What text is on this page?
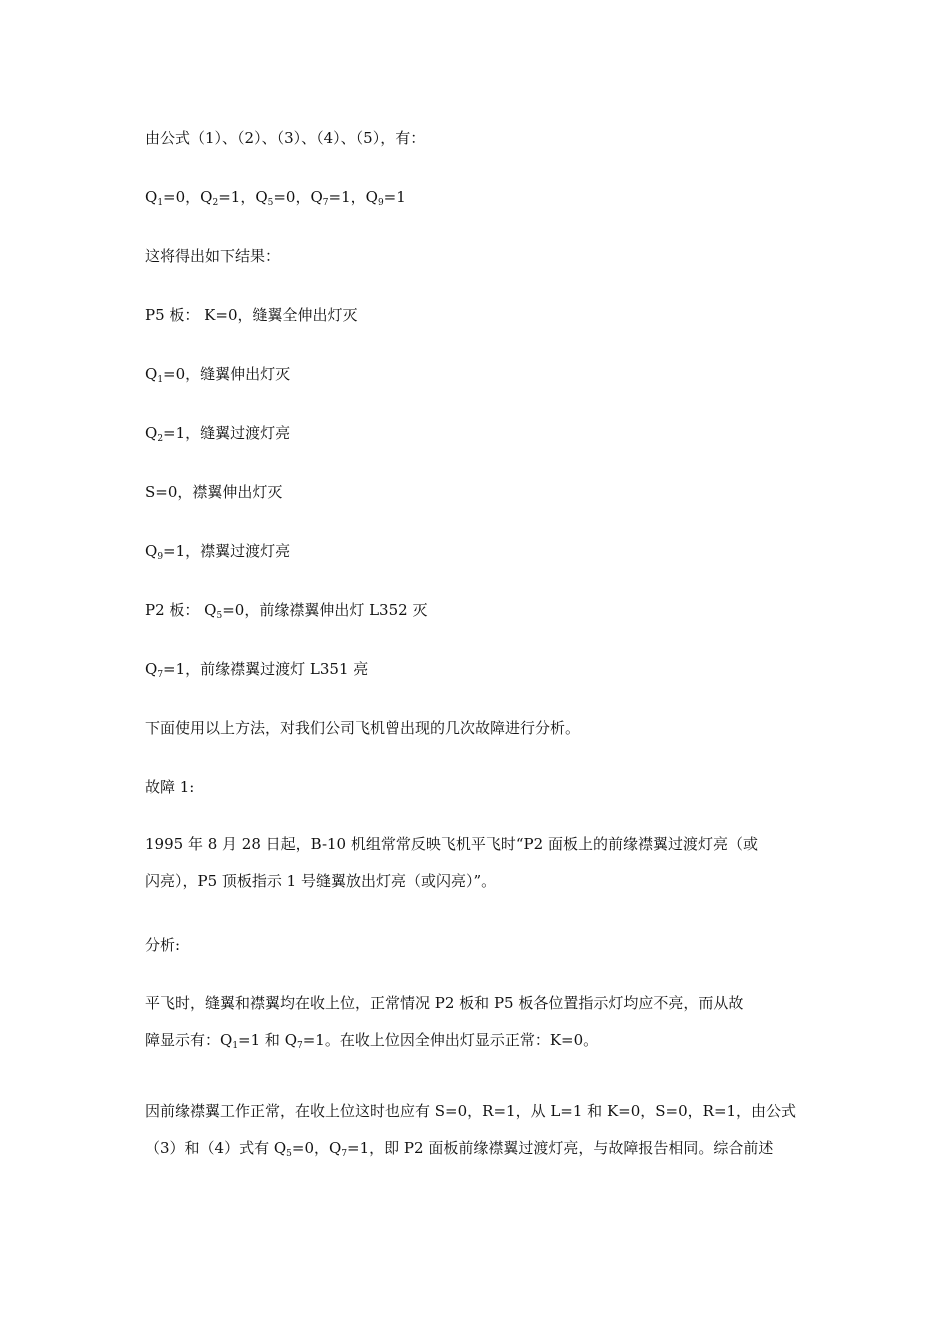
由公式（1）、（2）、（3）、（4）、（5），有：

$Q_1=0$，$Q_2=1$，$Q_5=0$，$Q_7=1$，$Q_9=1$

这将得出如下结果：

P5 板： K=0，缝翼全伸出灯灭

$Q_1=0$，缝翼伸出灯灭

$Q_2=1$，缝翼过渡灯亮

S=0，襟翼伸出灯灭

$Q_9=1$，襟翼过渡灯亮

P2 板： $Q_5=0$，前缘襟翼伸出灯 L352 灭

$Q_7=1$，前缘襟翼过渡灯 L351 亮

下面使用以上方法，对我们公司飞机曾出现的几次故障进行分析。

故障 1:

1995 年 8 月 28 日起，B-10 机组常常反映飞机平飞时“P2 面板上的前缘襟翼过渡灯亮（或
闪亮），P5 顶板指示 1 号缝翼放出灯亮（或闪亮）”。

分析:

平飞时，缝翼和襟翼均在收上位，正常情况 P2 板和 P5 板各位置指示灯均应不亮，而从故
障显示有：$Q_1=1$ 和 $Q_7=1$。在收上位因全伸出灯显示正常：K=0。

因前缘襟翼工作正常，在收上位这时也应有 S=0，R=1，从 L=1 和 K=0，S=0，R=1，由公式
（3）和（4）式有 $Q_5=0$，$Q_7=1$，即 P2 面板前缘襟翼过渡灯亮，与故障报告相同。综合前述
